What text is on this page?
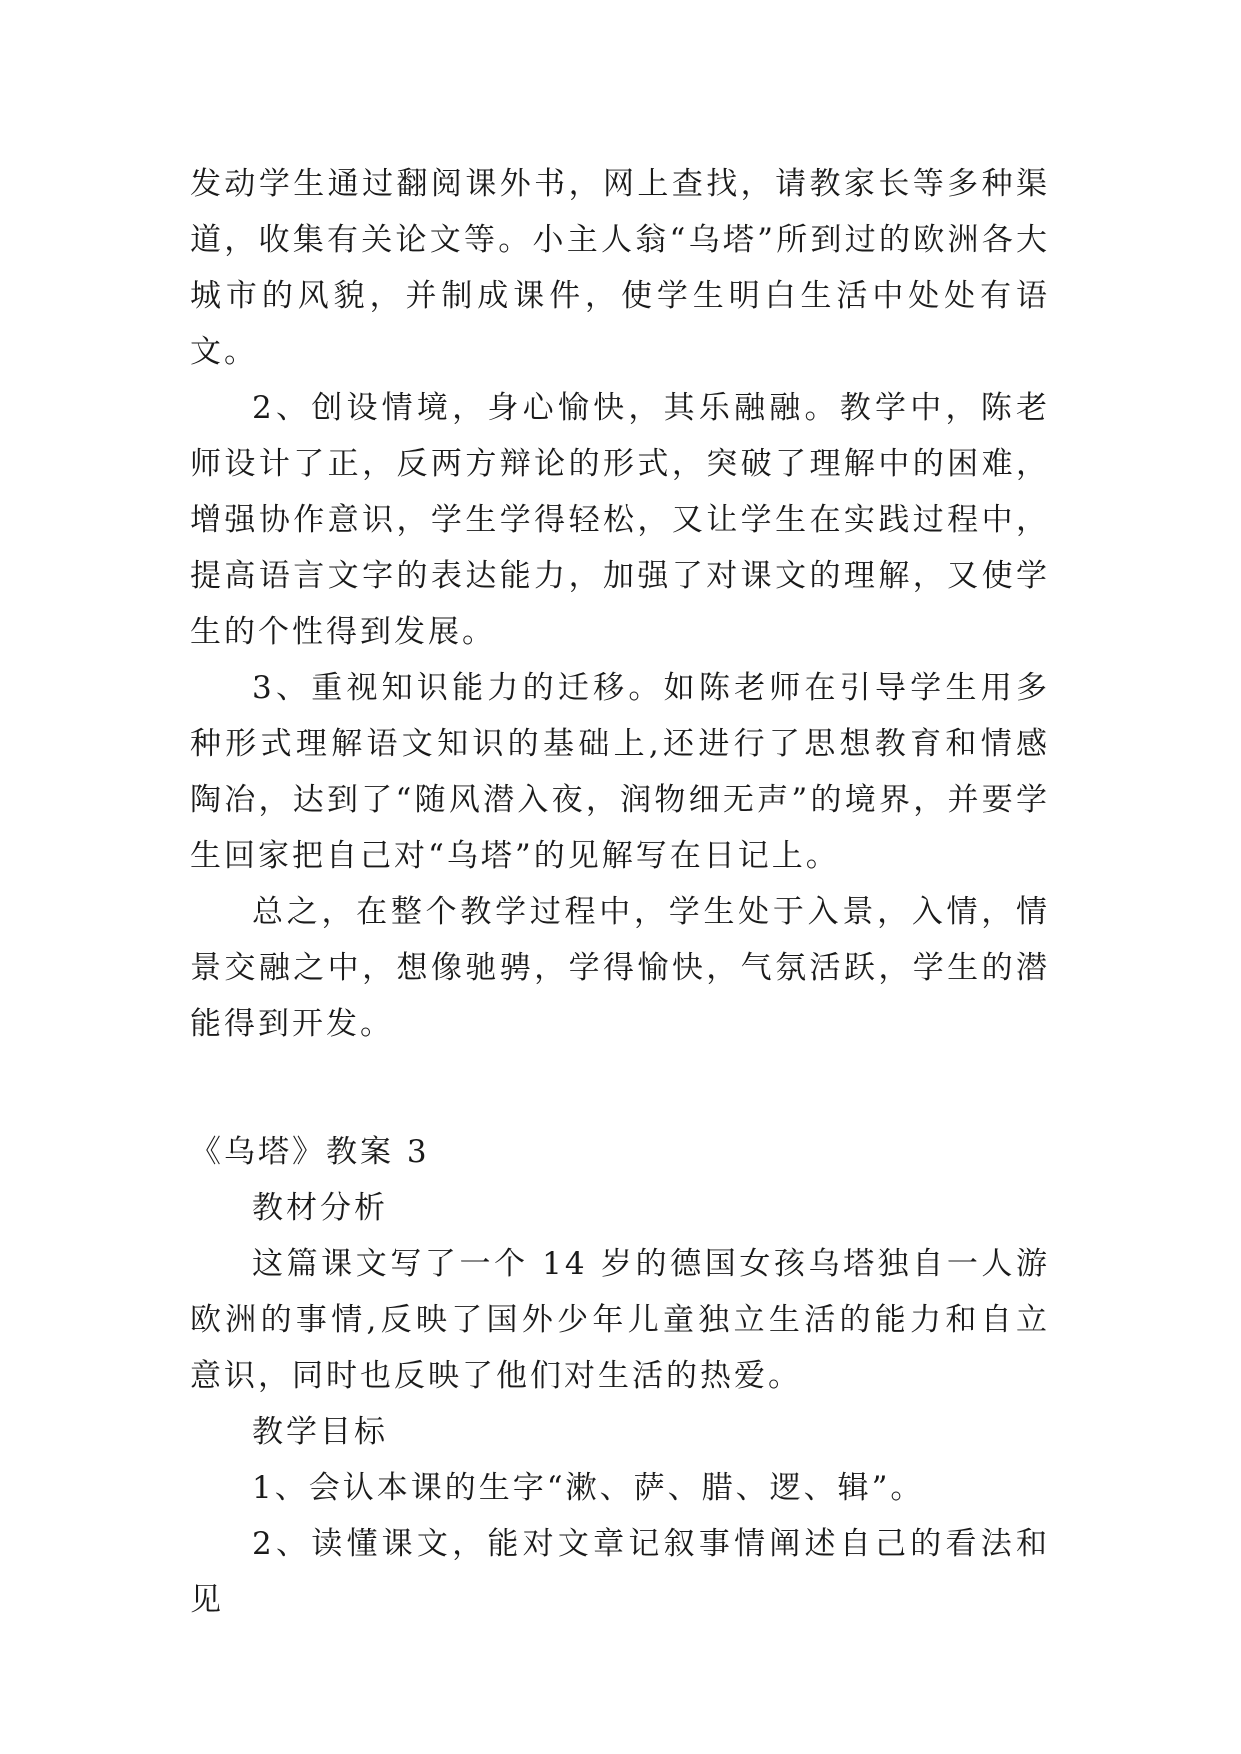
发动学生通过翻阅课外书，网上查找，请教家长等多种渠道，收集有关论文等。小主人翁“乌塔”所到过的欧洲各大城市的风貌，并制成课件，使学生明白生活中处处有语文。

2、创设情境，身心愉快，其乐融融。教学中，陈老师设计了正，反两方辩论的形式，突破了理解中的困难，增强协作意识，学生学得轻松，又让学生在实践过程中，提高语言文字的表达能力，加强了对课文的理解，又使学生的个性得到发展。

3、重视知识能力的迁移。如陈老师在引导学生用多种形式理解语文知识的基础上,还进行了思想教育和情感陶冶，达到了“随风潜入夜，润物细无声”的境界，并要学生回家把自己对“乌塔”的见解写在日记上。

总之，在整个教学过程中，学生处于入景，入情，情景交融之中，想像驰骋，学得愉快，气氛活跃，学生的潜能得到开发。

《乌塔》教案 3

教材分析

这篇课文写了一个 14 岁的德国女孩乌塔独自一人游欧洲的事情,反映了国外少年儿童独立生活的能力和自立意识，同时也反映了他们对生活的热爱。

教学目标

1、会认本课的生字“漱、萨、腊、逻、辑”。

2、读懂课文，能对文章记叙事情阐述自己的看法和见
